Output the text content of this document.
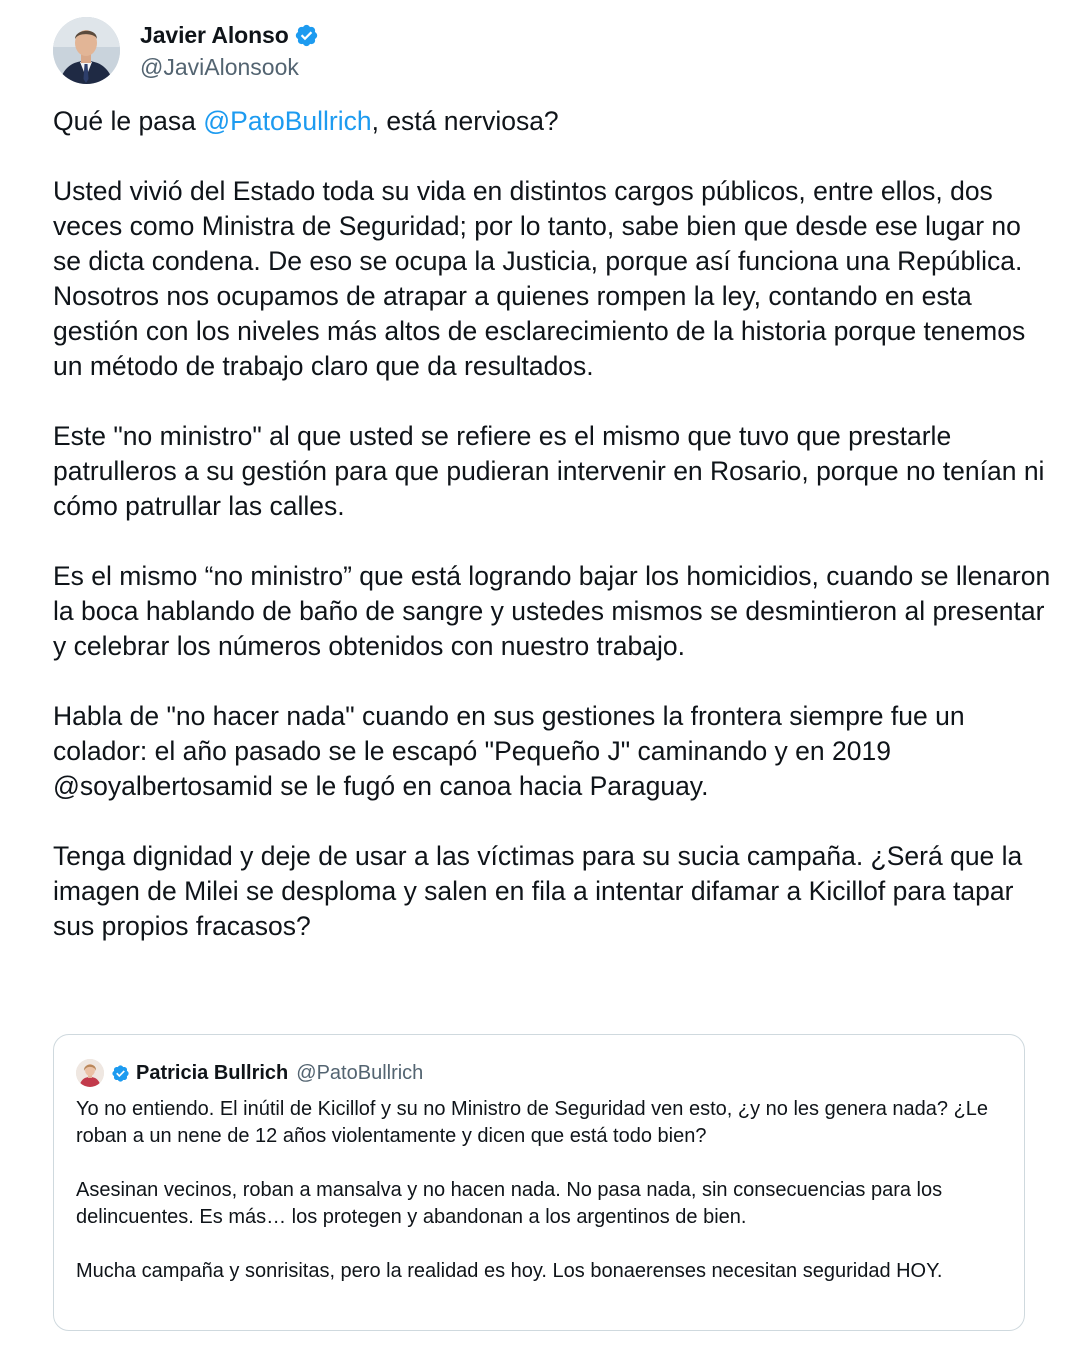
Javier Alonso
@JaviAlonsook

Qué le pasa @PatoBullrich, está nerviosa?

Usted vivió del Estado toda su vida en distintos cargos públicos, entre ellos, dos veces como Ministra de Seguridad; por lo tanto, sabe bien que desde ese lugar no se dicta condena. De eso se ocupa la Justicia, porque así funciona una República. Nosotros nos ocupamos de atrapar a quienes rompen la ley, contando en esta gestión con los niveles más altos de esclarecimiento de la historia porque tenemos un método de trabajo claro que da resultados.

Este "no ministro" al que usted se refiere es el mismo que tuvo que prestarle patrulleros a su gestión para que pudieran intervenir en Rosario, porque no tenían ni cómo patrullar las calles.

Es el mismo “no ministro” que está logrando bajar los homicidios, cuando se llenaron la boca hablando de baño de sangre y ustedes mismos se desmintieron al presentar y celebrar los números obtenidos con nuestro trabajo.

Habla de "no hacer nada" cuando en sus gestiones la frontera siempre fue un colador: el año pasado se le escapó "Pequeño J" caminando y en 2019 @soyalbertosamid se le fugó en canoa hacia Paraguay.

Tenga dignidad y deje de usar a las víctimas para su sucia campaña. ¿Será que la imagen de Milei se desploma y salen en fila a intentar difamar a Kicillof para tapar sus propios fracasos?

Patricia Bullrich @PatoBullrich

Yo no entiendo. El inútil de Kicillof y su no Ministro de Seguridad ven esto, ¿y no les genera nada? ¿Le roban a un nene de 12 años violentamente y dicen que está todo bien?

Asesinan vecinos, roban a mansalva y no hacen nada. No pasa nada, sin consecuencias para los delincuentes. Es más… los protegen y abandonan a los argentinos de bien.

Mucha campaña y sonrisitas, pero la realidad es hoy. Los bonaerenses necesitan seguridad HOY.
